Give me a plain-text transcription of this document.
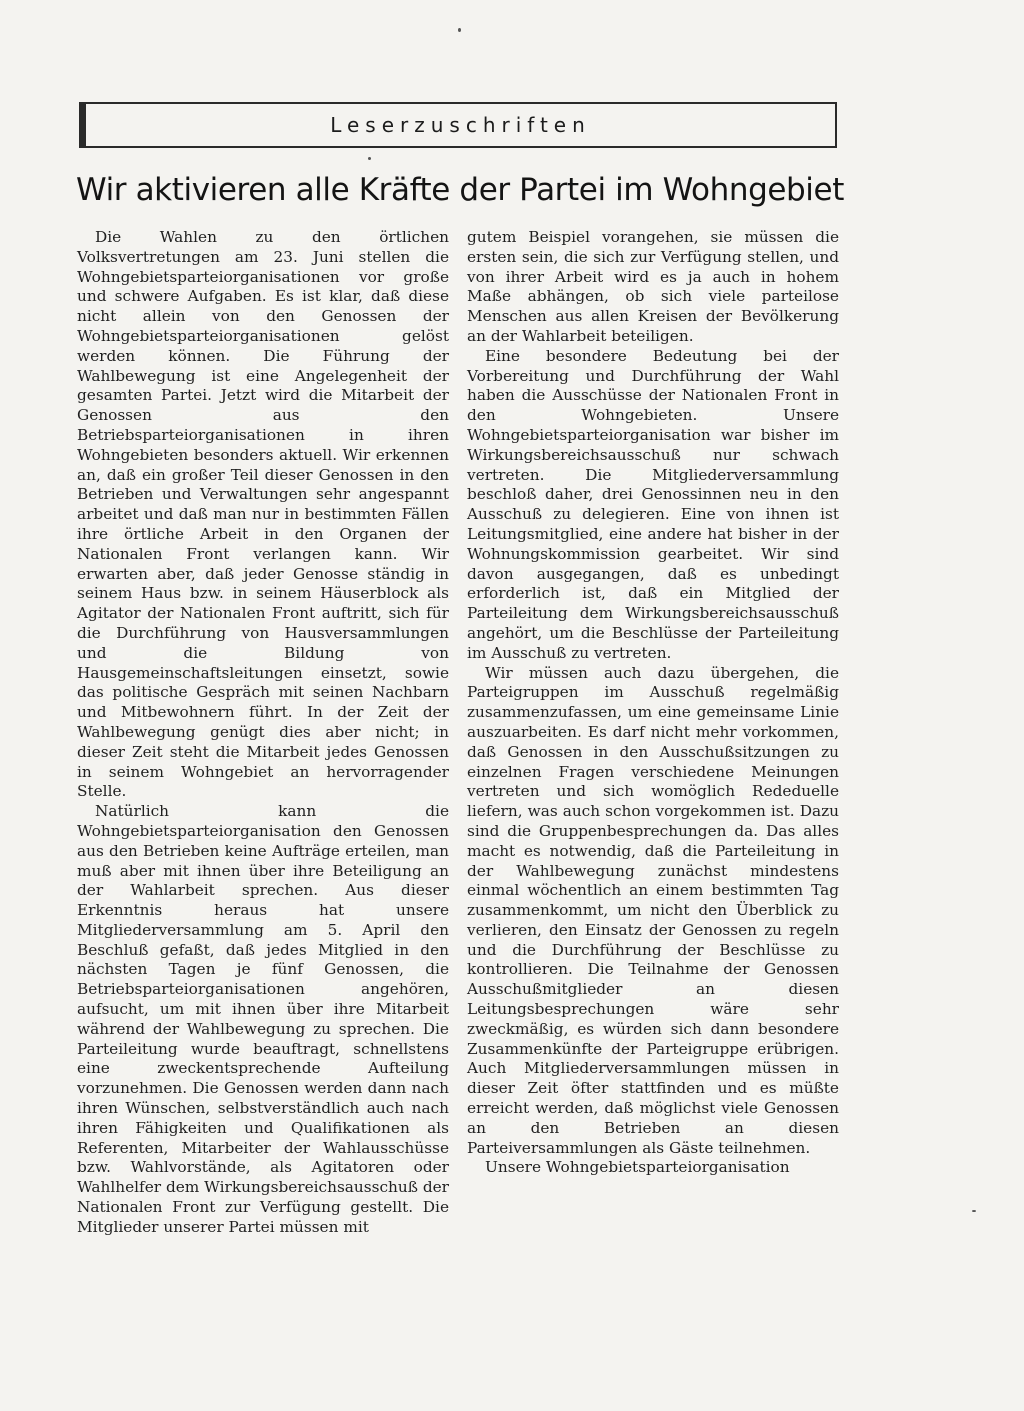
Leserzuschriften
Wir aktivieren alle Kräfte der Partei im Wohngebiet

Die Wahlen zu den örtlichen Volksvertretungen am 23. Juni stellen die Wohngebietsparteiorganisationen vor große und schwere Aufgaben. Es ist klar, daß diese nicht allein von den Genossen der Wohngebietsparteiorganisationen gelöst werden können. Die Führung der Wahlbewegung ist eine Angelegenheit der gesamten Partei. Jetzt wird die Mitarbeit der Genossen aus den Betriebsparteiorganisationen in ihren Wohngebieten besonders aktuell. Wir erkennen an, daß ein großer Teil dieser Genossen in den Betrieben und Verwaltungen sehr angespannt arbeitet und daß man nur in bestimmten Fällen ihre örtliche Arbeit in den Organen der Nationalen Front verlangen kann. Wir erwarten aber, daß jeder Genosse ständig in seinem Haus bzw. in seinem Häuserblock als Agitator der Nationalen Front auftritt, sich für die Durchführung von Hausversammlungen und die Bildung von Hausgemeinschaftsleitungen einsetzt, sowie das politische Gespräch mit seinen Nachbarn und Mitbewohnern führt. In der Zeit der Wahlbewegung genügt dies aber nicht; in dieser Zeit steht die Mitarbeit jedes Genossen in seinem Wohngebiet an hervorragender Stelle.

Natürlich kann die Wohngebietsparteiorganisation den Genossen aus den Betrieben keine Aufträge erteilen, man muß aber mit ihnen über ihre Beteiligung an der Wahlarbeit sprechen. Aus dieser Erkenntnis heraus hat unsere Mitgliederversammlung am 5. April den Beschluß gefaßt, daß jedes Mitglied in den nächsten Tagen je fünf Genossen, die Betriebsparteiorganisationen angehören, aufsucht, um mit ihnen über ihre Mitarbeit während der Wahlbewegung zu sprechen. Die Parteileitung wurde beauftragt, schnellstens eine zweckentsprechende Aufteilung vorzunehmen. Die Genossen werden dann nach ihren Wünschen, selbstverständlich auch nach ihren Fähigkeiten und Qualifikationen als Referenten, Mitarbeiter der Wahlausschüsse bzw. Wahlvorstände, als Agitatoren oder Wahlhelfer dem Wirkungsbereichsausschuß der Nationalen Front zur Verfügung gestellt. Die Mitglieder unserer Partei müssen mit

gutem Beispiel vorangehen, sie müssen die ersten sein, die sich zur Verfügung stellen, und von ihrer Arbeit wird es ja auch in hohem Maße abhängen, ob sich viele parteilose Menschen aus allen Kreisen der Bevölkerung an der Wahlarbeit beteiligen.

Eine besondere Bedeutung bei der Vorbereitung und Durchführung der Wahl haben die Ausschüsse der Nationalen Front in den Wohngebieten. Unsere Wohngebietsparteiorganisation war bisher im Wirkungsbereichsausschuß nur schwach vertreten. Die Mitgliederversammlung beschloß daher, drei Genossinnen neu in den Ausschuß zu delegieren. Eine von ihnen ist Leitungsmitglied, eine andere hat bisher in der Wohnungskommission gearbeitet. Wir sind davon ausgegangen, daß es unbedingt erforderlich ist, daß ein Mitglied der Parteileitung dem Wirkungsbereichsausschuß angehört, um die Beschlüsse der Parteileitung im Ausschuß zu vertreten.

Wir müssen auch dazu übergehen, die Parteigruppen im Ausschuß regelmäßig zusammenzufassen, um eine gemeinsame Linie auszuarbeiten. Es darf nicht mehr vorkommen, daß Genossen in den Ausschußsitzungen zu einzelnen Fragen verschiedene Meinungen vertreten und sich womöglich Rededuelle liefern, was auch schon vorgekommen ist. Dazu sind die Gruppenbesprechungen da. Das alles macht es notwendig, daß die Parteileitung in der Wahlbewegung zunächst mindestens einmal wöchentlich an einem bestimmten Tag zusammenkommt, um nicht den Überblick zu verlieren, den Einsatz der Genossen zu regeln und die Durchführung der Beschlüsse zu kontrollieren. Die Teilnahme der Genossen Ausschußmitglieder an diesen Leitungsbesprechungen wäre sehr zweckmäßig, es würden sich dann besondere Zusammenkünfte der Parteigruppe erübrigen. Auch Mitgliederversammlungen müssen in dieser Zeit öfter stattfinden und es müßte erreicht werden, daß möglichst viele Genossen an den Betrieben an diesen Parteiversammlungen als Gäste teilnehmen.

Unsere Wohngebietsparteiorganisation
